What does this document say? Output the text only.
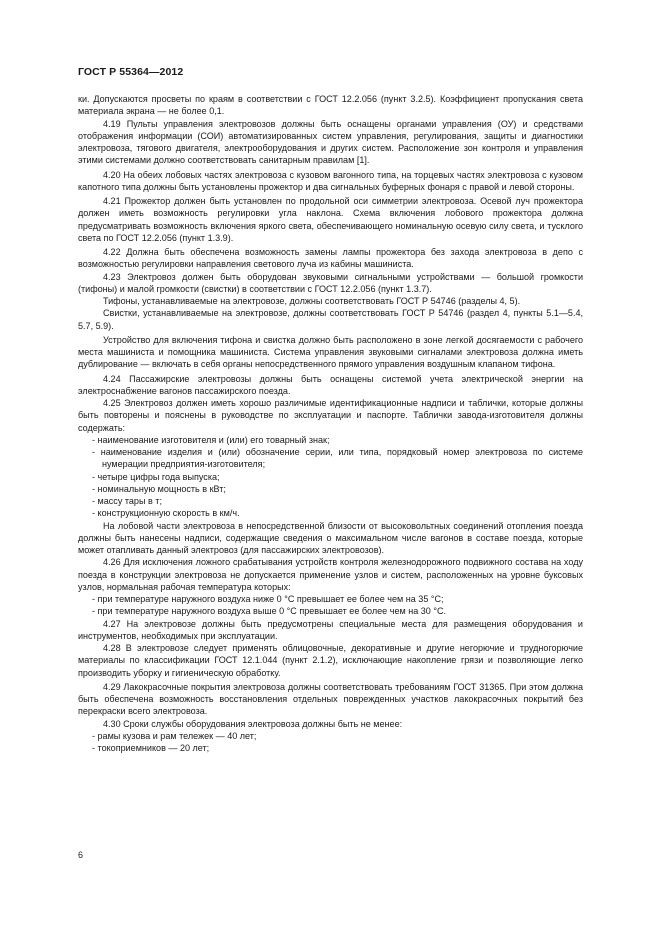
ГОСТ Р 55364—2012

ки. Допускаются просветы по краям в соответствии с ГОСТ 12.2.056 (пункт 3.2.5). Коэффициент пропускания света материала экрана — не более 0,1.

4.19 Пульты управления электровозов должны быть оснащены органами управления (ОУ) и средствами отображения информации (СОИ) автоматизированных систем управления, регулирования, защиты и диагностики электровоза, тягового двигателя, электрооборудования и других систем. Расположение зон контроля и управления этими системами должно соответствовать санитарным правилам [1].

4.20 На обеих лобовых частях электровоза с кузовом вагонного типа, на торцевых частях электровоза с кузовом капотного типа должны быть установлены прожектор и два сигнальных буферных фонаря с правой и левой стороны.

4.21 Прожектор должен быть установлен по продольной оси симметрии электровоза. Осевой луч прожектора должен иметь возможность регулировки угла наклона. Схема включения лобового прожектора должна предусматривать возможность включения яркого света, обеспечивающего номинальную осевую силу света, и тусклого света по ГОСТ 12.2.056 (пункт 1.3.9).

4.22 Должна быть обеспечена возможность замены лампы прожектора без захода электровоза в депо с возможностью регулировки направления светового луча из кабины машиниста.

4.23 Электровоз должен быть оборудован звуковыми сигнальными устройствами — большой громкости (тифоны) и малой громкости (свистки) в соответствии с ГОСТ 12.2.056 (пункт 1.3.7).

Тифоны, устанавливаемые на электровозе, должны соответствовать ГОСТ Р 54746 (разделы 4, 5).

Свистки, устанавливаемые на электровозе, должны соответствовать ГОСТ Р 54746 (раздел 4, пункты 5.1—5.4, 5.7, 5.9).

Устройство для включения тифона и свистка должно быть расположено в зоне легкой досягаемости с рабочего места машиниста и помощника машиниста. Система управления звуковыми сигналами электровоза должна иметь дублирование — включать в себя органы непосредственного прямого управления воздушным клапаном тифона.

4.24 Пассажирские электровозы должны быть оснащены системой учета электрической энергии на электроснабжение вагонов пассажирского поезда.

4.25 Электровоз должен иметь хорошо различимые идентификационные надписи и таблички, которые должны быть повторены и пояснены в руководстве по эксплуатации и паспорте. Таблички завода-изготовителя должны содержать:

- наименование изготовителя и (или) его товарный знак;

- наименование изделия и (или) обозначение серии, или типа, порядковый номер электровоза по системе нумерации предприятия-изготовителя;

- четыре цифры года выпуска;

- номинальную мощность в кВт;

- массу тары в т;

- конструкционную скорость в км/ч.

На лобовой части электровоза в непосредственной близости от высоковольтных соединений отопления поезда должны быть нанесены надписи, содержащие сведения о максимальном числе вагонов в составе поезда, которые может отапливать данный электровоз (для пассажирских электровозов).

4.26 Для исключения ложного срабатывания устройств контроля железнодорожного подвижного состава на ходу поезда в конструкции электровоза не допускается применение узлов и систем, расположенных на уровне буксовых узлов, нормальная рабочая температура которых:

- при температуре наружного воздуха ниже 0 °С превышает ее более чем на 35 °С;

- при температуре наружного воздуха выше 0 °С превышает ее более чем на 30 °С.

4.27 На электровозе должны быть предусмотрены специальные места для размещения оборудования и инструментов, необходимых при эксплуатации.

4.28 В электровозе следует применять облицовочные, декоративные и другие негорючие и трудногорючие материалы по классификации ГОСТ 12.1.044 (пункт 2.1.2), исключающие накопление грязи и позволяющие легко производить уборку и гигиеническую обработку.

4.29 Лакокрасочные покрытия электровоза должны соответствовать требованиям ГОСТ 31365. При этом должна быть обеспечена возможность восстановления отдельных поврежденных участков лакокрасочных покрытий без перекраски всего электровоза.

4.30 Сроки службы оборудования электровоза должны быть не менее:

- рамы кузова и рам тележек — 40 лет;

- токоприемников — 20 лет;

6
